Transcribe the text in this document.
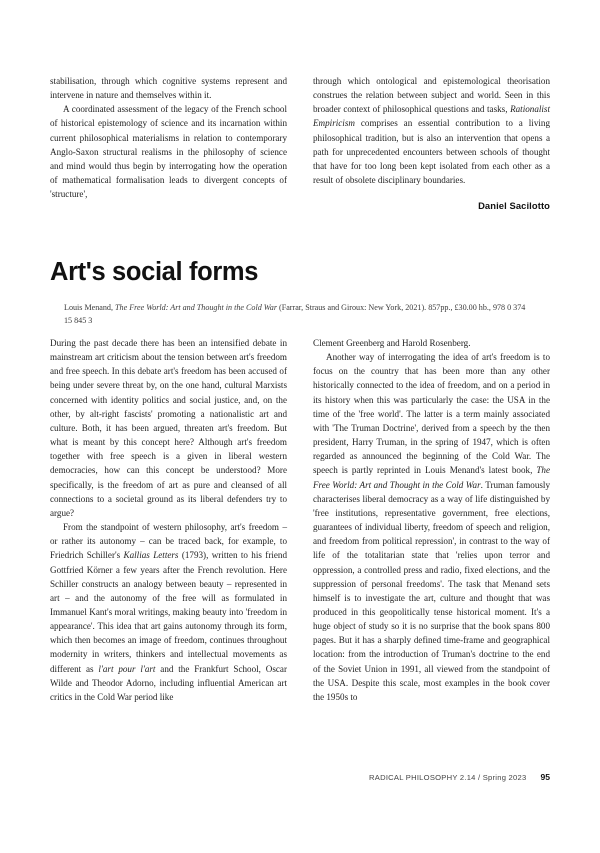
stabilisation, through which cognitive systems represent and intervene in nature and themselves within it.

A coordinated assessment of the legacy of the French school of historical epistemology of science and its incarnation within current philosophical materialisms in relation to contemporary Anglo-Saxon structural realisms in the philosophy of science and mind would thus begin by interrogating how the operation of mathematical formalisation leads to divergent concepts of 'structure',

through which ontological and epistemological theorisation construes the relation between subject and world. Seen in this broader context of philosophical questions and tasks, Rationalist Empiricism comprises an essential contribution to a living philosophical tradition, but is also an intervention that opens a path for unprecedented encounters between schools of thought that have for too long been kept isolated from each other as a result of obsolete disciplinary boundaries.

Daniel Sacilotto
Art's social forms

Louis Menand, The Free World: Art and Thought in the Cold War (Farrar, Straus and Giroux: New York, 2021). 857pp., £30.00 hb., 978 0 374 15 845 3

During the past decade there has been an intensified debate in mainstream art criticism about the tension between art's freedom and free speech. In this debate art's freedom has been accused of being under severe threat by, on the one hand, cultural Marxists concerned with identity politics and social justice, and, on the other, by alt-right fascists' promoting a nationalistic art and culture. Both, it has been argued, threaten art's freedom. But what is meant by this concept here? Although art's freedom together with free speech is a given in liberal western democracies, how can this concept be understood? More specifically, is the freedom of art as pure and cleansed of all connections to a societal ground as its liberal defenders try to argue?

From the standpoint of western philosophy, art's freedom – or rather its autonomy – can be traced back, for example, to Friedrich Schiller's Kallias Letters (1793), written to his friend Gottfried Körner a few years after the French revolution. Here Schiller constructs an analogy between beauty – represented in art – and the autonomy of the free will as formulated in Immanuel Kant's moral writings, making beauty into 'freedom in appearance'. This idea that art gains autonomy through its form, which then becomes an image of freedom, continues throughout modernity in writers, thinkers and intellectual movements as different as l'art pour l'art and the Frankfurt School, Oscar Wilde and Theodor Adorno, including influential American art critics in the Cold War period like

Clement Greenberg and Harold Rosenberg.

Another way of interrogating the idea of art's freedom is to focus on the country that has been more than any other historically connected to the idea of freedom, and on a period in its history when this was particularly the case: the USA in the time of the 'free world'. The latter is a term mainly associated with 'The Truman Doctrine', derived from a speech by the then president, Harry Truman, in the spring of 1947, which is often regarded as announced the beginning of the Cold War. The speech is partly reprinted in Louis Menand's latest book, The Free World: Art and Thought in the Cold War. Truman famously characterises liberal democracy as a way of life distinguished by 'free institutions, representative government, free elections, guarantees of individual liberty, freedom of speech and religion, and freedom from political repression', in contrast to the way of life of the totalitarian state that 'relies upon terror and oppression, a controlled press and radio, fixed elections, and the suppression of personal freedoms'. The task that Menand sets himself is to investigate the art, culture and thought that was produced in this geopolitically tense historical moment. It's a huge object of study so it is no surprise that the book spans 800 pages. But it has a sharply defined time-frame and geographical location: from the introduction of Truman's doctrine to the end of the Soviet Union in 1991, all viewed from the standpoint of the USA. Despite this scale, most examples in the book cover the 1950s to

RADICAL PHILOSOPHY 2.14 / Spring 2023 95
